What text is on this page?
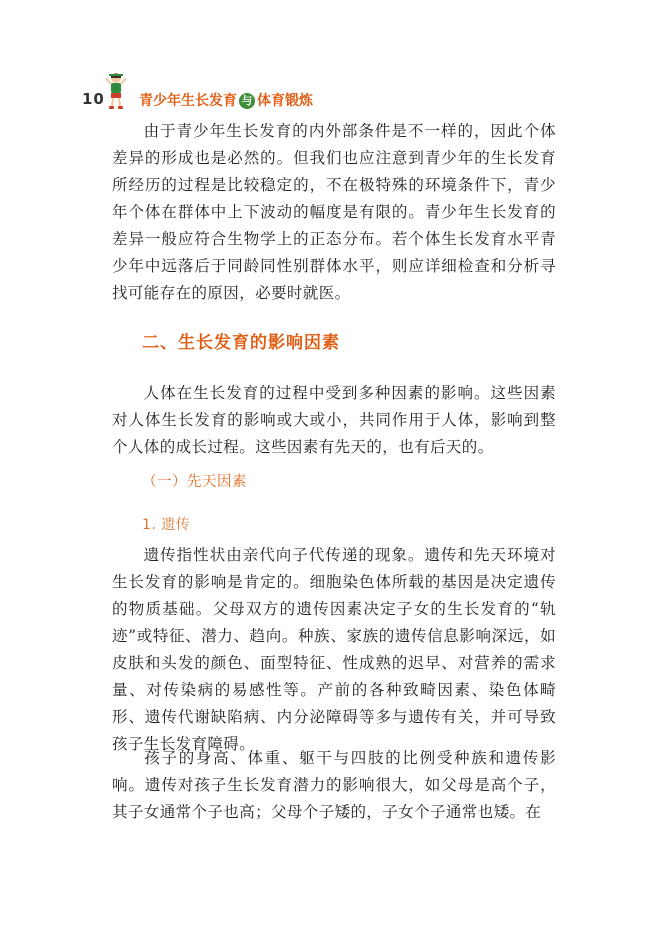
10 青少年生长发育 与 体育锻炼

由于青少年生长发育的内外部条件是不一样的，因此个体差异的形成也是必然的。但我们也应注意到青少年的生长发育所经历的过程是比较稳定的，不在极特殊的环境条件下，青少年个体在群体中上下波动的幅度是有限的。青少年生长发育的差异一般应符合生物学上的正态分布。若个体生长发育水平青少年中远落后于同龄同性别群体水平，则应详细检查和分析寻找可能存在的原因，必要时就医。

二、生长发育的影响因素

人体在生长发育的过程中受到多种因素的影响。这些因素对人体生长发育的影响或大或小，共同作用于人体，影响到整个人体的成长过程。这些因素有先天的，也有后天的。

（一）先天因素
1. 遗传

遗传指性状由亲代向子代传递的现象。遗传和先天环境对生长发育的影响是肯定的。细胞染色体所载的基因是决定遗传的物质基础。父母双方的遗传因素决定子女的生长发育的“轨迹”或特征、潜力、趋向。种族、家族的遗传信息影响深远，如皮肤和头发的颜色、面型特征、性成熟的迟早、对营养的需求量、对传染病的易感性等。产前的各种致畸因素、染色体畸形、遗传代谢缺陷病、内分泌障碍等多与遗传有关，并可导致孩子生长发育障碍。

孩子的身高、体重、躯干与四肢的比例受种族和遗传影响。遗传对孩子生长发育潜力的影响很大，如父母是高个子，其子女通常个子也高；父母个子矮的，子女个子通常也矮。在
